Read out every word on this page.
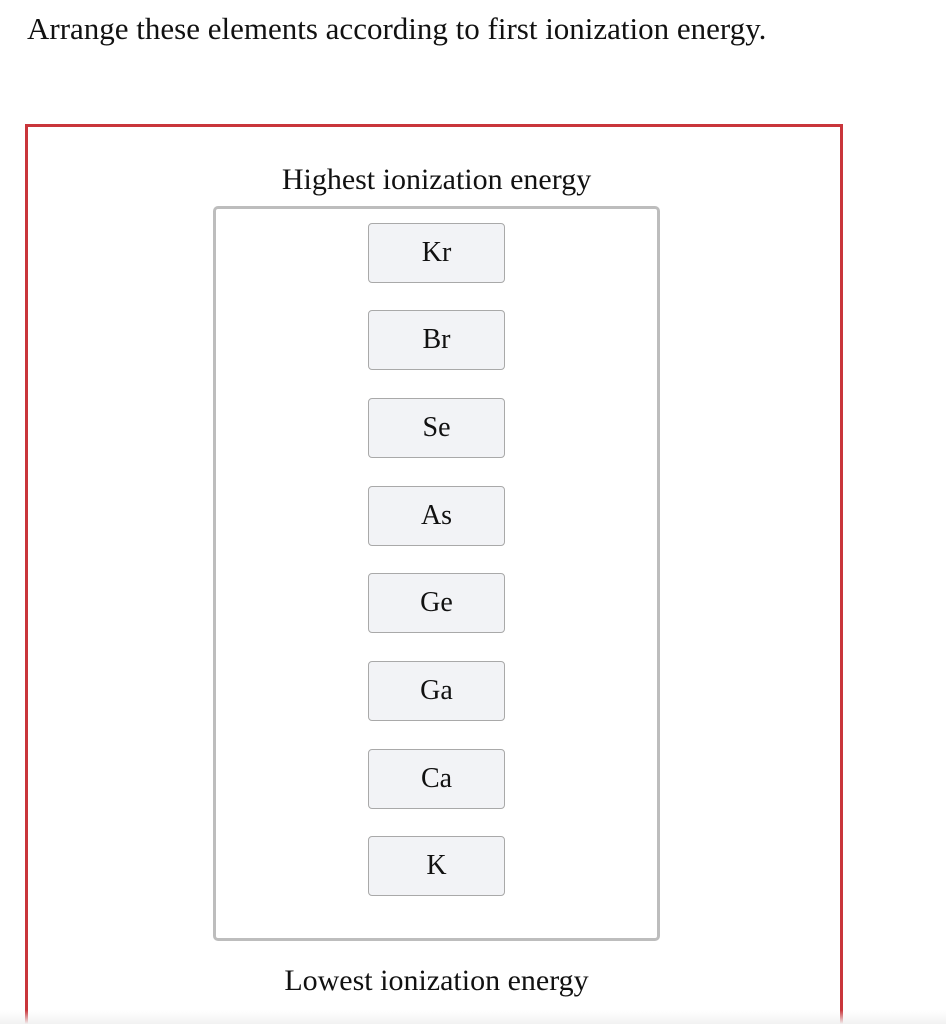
Arrange these elements according to first ionization energy.
Highest ionization energy
Kr
Br
Se
As
Ge
Ga
Ca
K
Lowest ionization energy
